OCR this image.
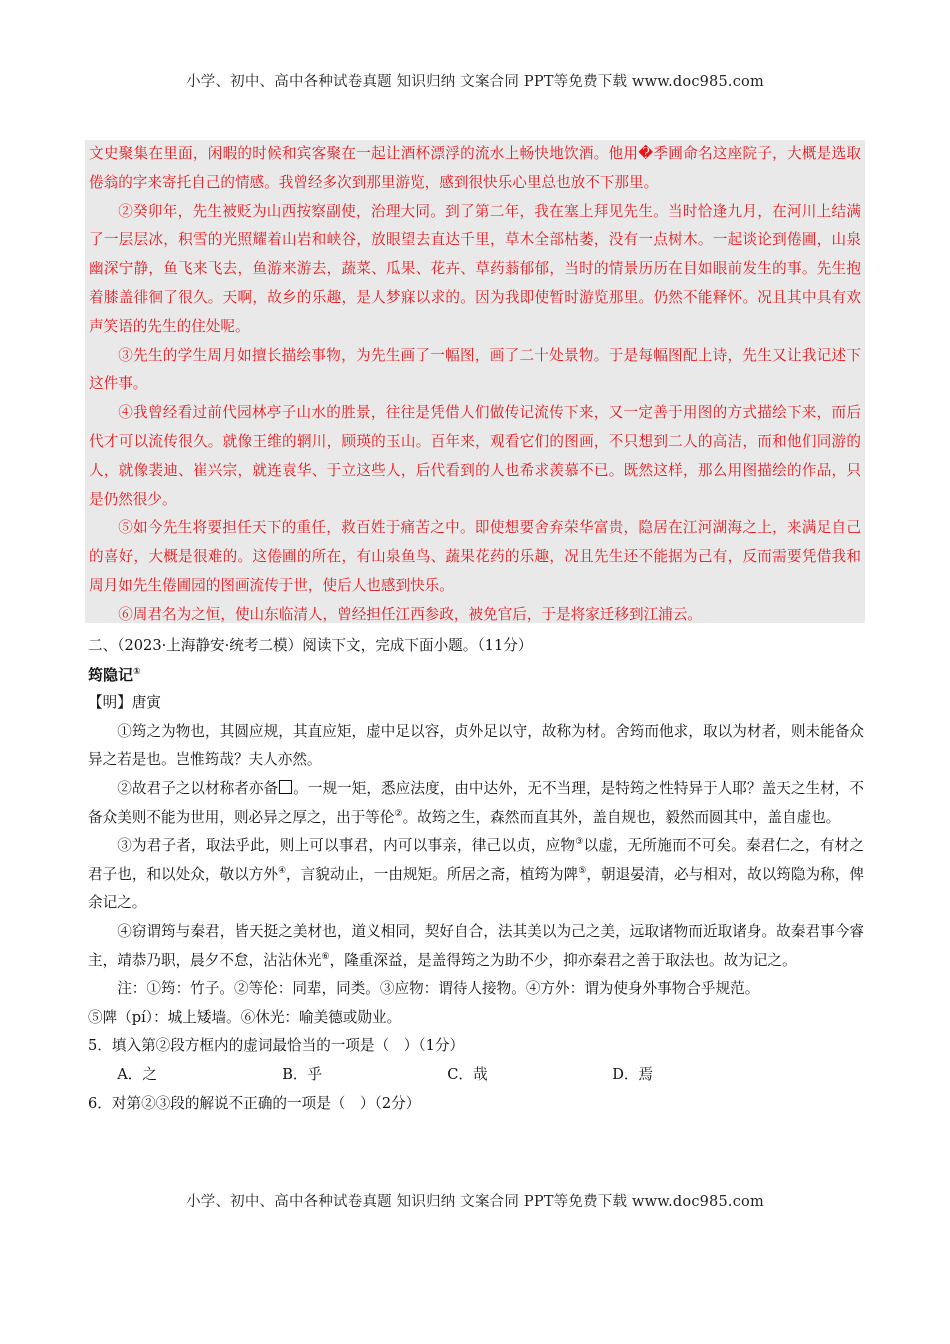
小学、初中、高中各种试卷真题 知识归纳 文案合同 PPT等免费下载 www.doc985.com

文史聚集在里面，闲暇的时候和宾客聚在一起让酒杯漂浮的流水上畅快地饮酒。他用�季圃命名这座院子，大概是选取倦翁的字来寄托自己的情感。我曾经多次到那里游览，感到很快乐心里总也放不下那里。

②癸卯年，先生被贬为山西按察副使，治理大同。到了第二年，我在塞上拜见先生。当时恰逢九月，在河川上结满了一层层冰，积雪的光照耀着山岩和峡谷，放眼望去直达千里，草木全部枯萎，没有一点树木。一起谈论到倦圃，山泉幽深宁静，鱼飞来飞去，鱼游来游去，蔬菜、瓜果、花卉、草药蓊郁郁，当时的情景历历在目如眼前发生的事。先生抱着膝盖徘徊了很久。天啊，故乡的乐趣，是人梦寐以求的。因为我即使暂时游览那里。仍然不能释怀。况且其中具有欢声笑语的先生的住处呢。

③先生的学生周月如擅长描绘事物，为先生画了一幅图，画了二十处景物。于是每幅图配上诗，先生又让我记述下这件事。

④我曾经看过前代园林亭子山水的胜景，往往是凭借人们做传记流传下来，又一定善于用图的方式描绘下来，而后代才可以流传很久。就像王维的辋川，顾瑛的玉山。百年来，观看它们的图画，不只想到二人的高洁，而和他们同游的人，就像裴迪、崔兴宗，就连袁华、于立这些人，后代看到的人也希求羡慕不已。既然这样，那么用图描绘的作品，只是仍然很少。

⑤如今先生将要担任天下的重任，救百姓于痛苦之中。即使想要舍弃荣华富贵，隐居在江河湖海之上，来满足自己的喜好，大概是很难的。这倦圃的所在，有山泉鱼鸟、蔬果花药的乐趣，况且先生还不能据为己有，反而需要凭借我和周月如先生倦圃园的图画流传于世，使后人也感到快乐。

⑥周君名为之恒，使山东临清人，曾经担任江西参政，被免官后，于是将家迁移到江浦云。

二、（2023·上海静安·统考二模）阅读下文，完成下面小题。（11分）

筠隐记①

【明】唐寅

①筠之为物也，其圆应规，其直应矩，虚中足以容，贞外足以守，故称为材。舍筠而他求，取以为材者，则未能备众异之若是也。岂惟筠哉？夫人亦然。

②故君子之以材称者亦备 。一规一矩，悉应法度，由中达外，无不当理，是特筠之性特异于人耶？盖天之生材，不备众美则不能为世用，则必异之厚之，出于等伦②。故筠之生，森然而直其外，盖自规也，毅然而圆其中，盖自虚也。

③为君子者，取法乎此，则上可以事君，内可以事亲，律己以贞，应物③以虚，无所施而不可矣。秦君仁之，有材之君子也，和以处众，敬以方外④，言貌动止，一由规矩。所居之斋，植筠为陴⑤，朝退晏清，必与相对，故以筠隐为称，俾余记之。

④窃谓筠与秦君，皆天挺之美材也，道义相同，契好自合，法其美以为己之美，远取诸物而近取诸身。故秦君事今睿主，靖恭乃职，晨夕不怠，沾沾休光⑥，隆重深益，是盖得筠之为助不少，抑亦秦君之善于取法也。故为记之。

注：①筠：竹子。②等伦：同辈，同类。③应物：谓待人接物。④方外：谓为使身外事物合乎规范。

⑤陴（pí）：城上矮墙。⑥休光：喻美德或勋业。

5．填入第②段方框内的虚词最恰当的一项是（　）（1分）

A．之	B．乎	C．哉	D．焉

6．对第②③段的解说不正确的一项是（　）（2分）

小学、初中、高中各种试卷真题 知识归纳 文案合同 PPT等免费下载 www.doc985.com
